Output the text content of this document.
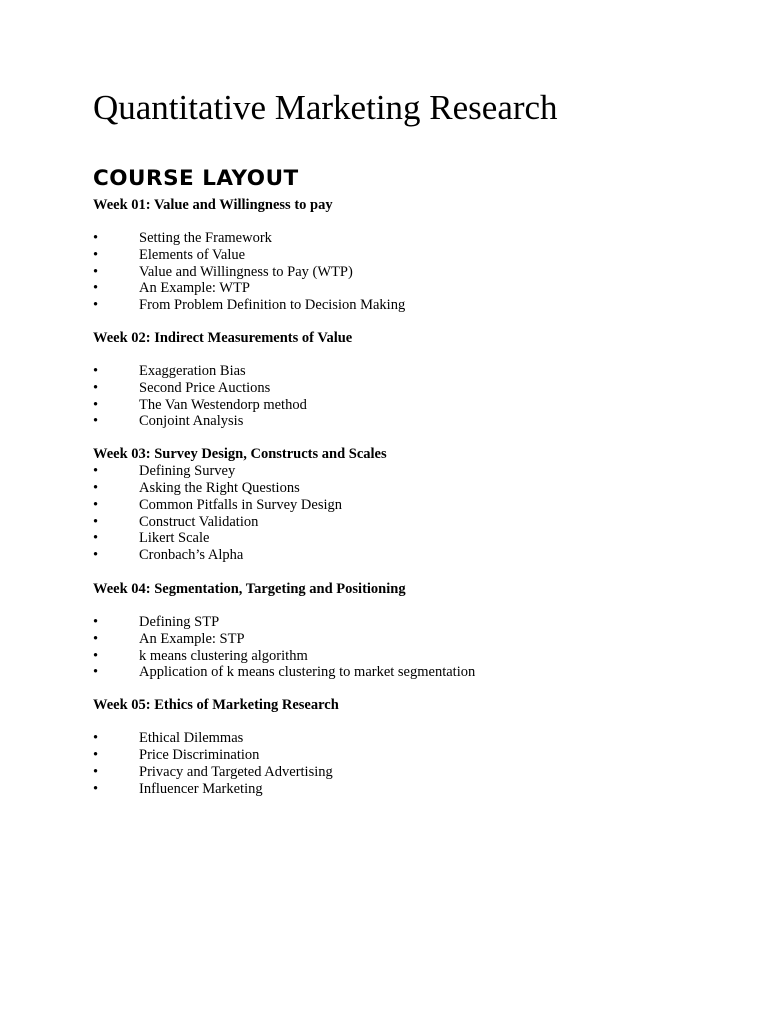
Quantitative Marketing Research
COURSE LAYOUT
Week 01: Value and Willingness to pay
•	Setting the Framework
•	Elements of Value
•	Value and Willingness to Pay (WTP)
•	An Example: WTP
•	From Problem Definition to Decision Making
Week 02: Indirect Measurements of Value
•	Exaggeration Bias
•	Second Price Auctions
•	The Van Westendorp method
•	Conjoint Analysis
Week 03: Survey Design, Constructs and Scales
•	Defining Survey
•	Asking the Right Questions
•	Common Pitfalls in Survey Design
•	Construct Validation
•	Likert Scale
•	Cronbach’s Alpha
Week 04: Segmentation, Targeting and Positioning
•	Defining STP
•	An Example: STP
•	k means clustering algorithm
•	Application of k means clustering to market segmentation
Week 05: Ethics of Marketing Research
•	Ethical Dilemmas
•	Price Discrimination
•	Privacy and Targeted Advertising
•	Influencer Marketing
